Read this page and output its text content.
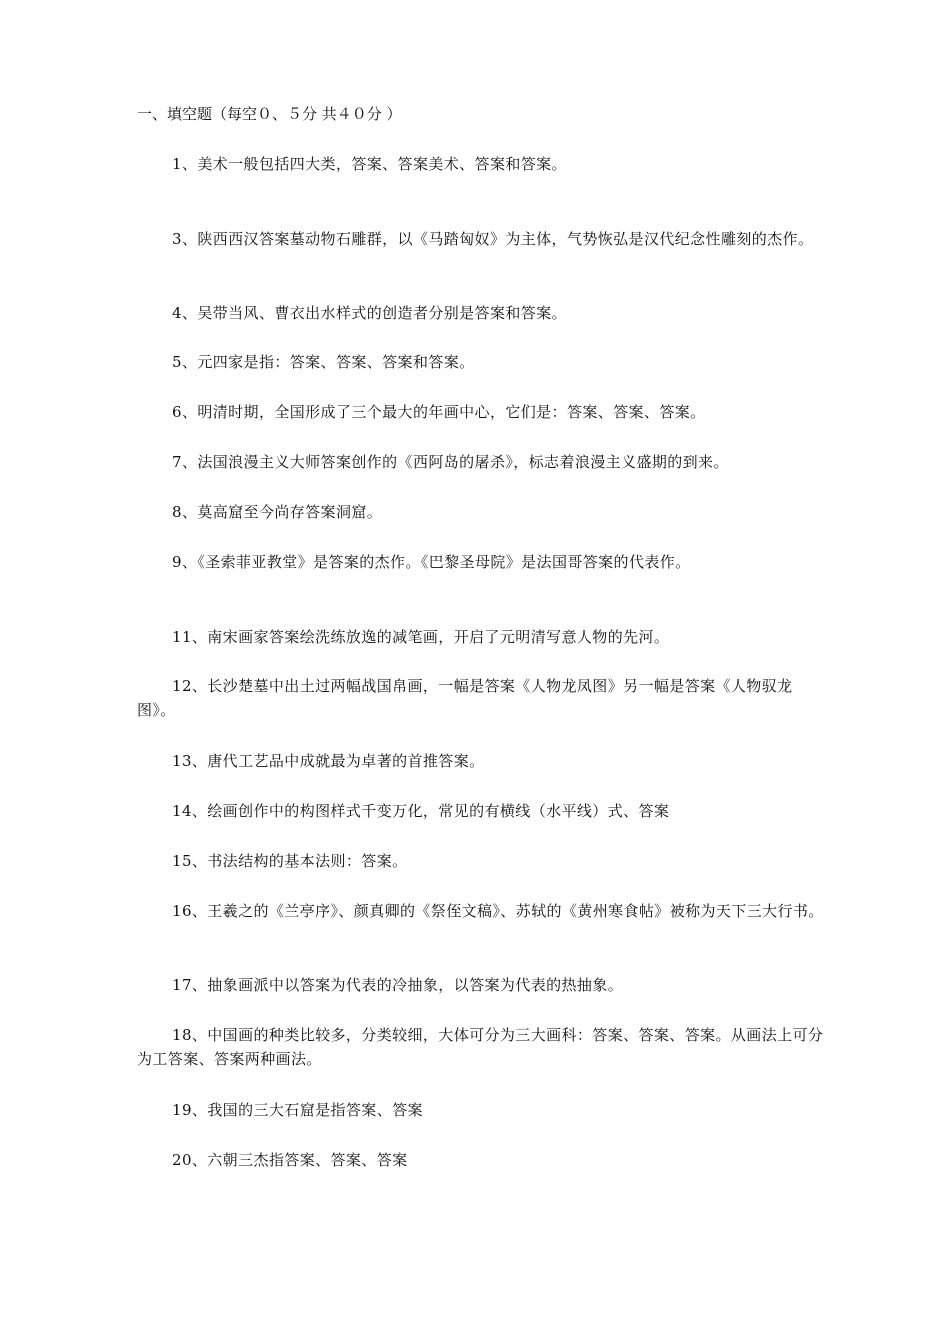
一、填空题（每空０、５分 共４０分 ）
1、美术一般包括四大类，答案、答案美术、答案和答案。
3、陕西西汉答案墓动物石雕群，以《马踏匈奴》为主体，气势恢弘是汉代纪念性雕刻的杰作。
4、吴带当风、曹衣出水样式的创造者分别是答案和答案。
5、元四家是指：答案、答案、答案和答案。
6、明清时期，全国形成了三个最大的年画中心，它们是：答案、答案、答案。
7、法国浪漫主义大师答案创作的《西阿岛的屠杀》，标志着浪漫主义盛期的到来。
8、莫高窟至今尚存答案洞窟。
9、《圣索菲亚教堂》是答案的杰作。《巴黎圣母院》是法国哥答案的代表作。
11、南宋画家答案绘洗练放逸的减笔画，开启了元明清写意人物的先河。
12、长沙楚墓中出土过两幅战国帛画，一幅是答案《人物龙凤图》另一幅是答案《人物驭龙图》。
13、唐代工艺品中成就最为卓著的首推答案。
14、绘画创作中的构图样式千变万化，常见的有横线（水平线）式、答案
15、书法结构的基本法则：答案。
16、王羲之的《兰亭序》、颜真卿的《祭侄文稿》、苏轼的《黄州寒食帖》被称为天下三大行书。
17、抽象画派中以答案为代表的冷抽象，以答案为代表的热抽象。
18、中国画的种类比较多，分类较细，大体可分为三大画科：答案、答案、答案。从画法上可分为工答案、答案两种画法。
19、我国的三大石窟是指答案、答案
20、六朝三杰指答案、答案、答案
